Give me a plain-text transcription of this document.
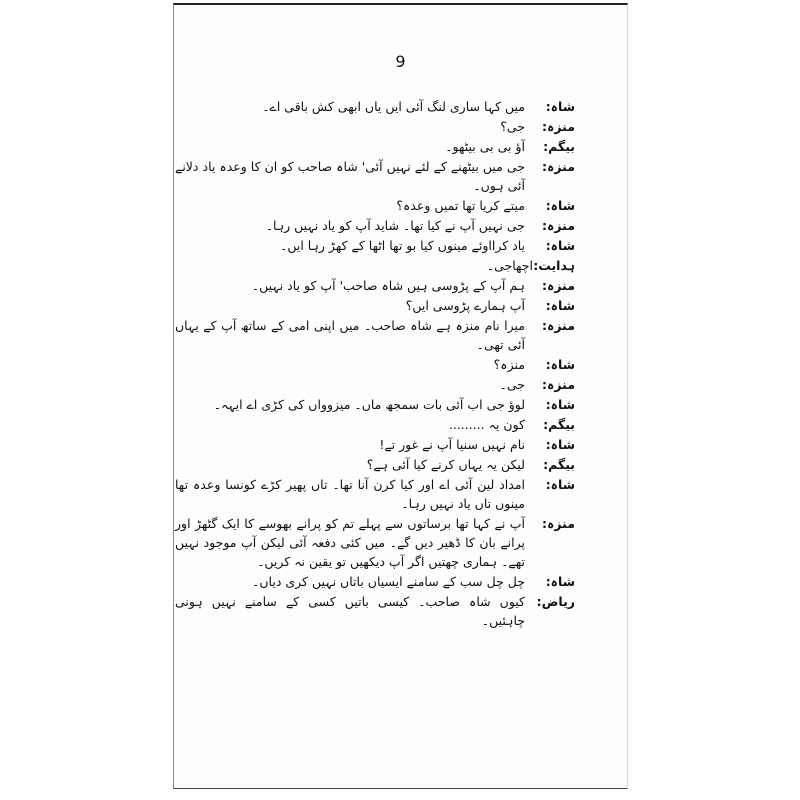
9
شاہ:
میں کہا ساری لنگ آئی ایں یاں ابھی کش باقی اے۔
منزہ:
جی؟
بیگم:
آؤ بی بی بیٹھو۔
منزہ:
جی میں بیٹھنے کے لئے نہیں آئی' شاہ صاحب کو ان کا وعدہ یاد دلانے آئی ہوں۔
شاہ:
میتے کریا تھا تمیں وعدہ؟
منزہ:
جی نہیں آپ نے کیا تھا۔ شاید آپ کو یاد نہیں رہا۔
شاہ:
یاد کرااوئے مینوں کیا بو تھا اٹھا کے کھڑ رہا ایں۔
ہدایت:
اچھاجی۔
منزہ:
ہم آپ کے پڑوسی ہیں شاہ صاحب' آپ کو یاد نہیں۔
شاہ:
آپ ہمارے پڑوسی ایں؟
منزہ:
میرا نام منزہ ہے شاہ صاحب۔ میں اپنی امی کے ساتھ آپ کے یہاں آئی تھی۔
شاہ:
منزہ؟
منزہ:
جی۔
شاہ:
لوؤ جی اب آئی بات سمجھ ماں۔ میزوواں کی کڑی اے ایہہ۔
بیگم:
کون یہ .........
شاہ:
نام نہیں سنیا آپ نے غور تے!
بیگم:
لیکن یہ یہاں کرنے کیا آئی ہے؟
شاہ:
امداد لین آئی اے اور کیا کرن آنا تھا۔ تاں پھیر کڑے کونسا وعدہ تھا مینوں تاں یاد نہیں رہا۔
منزہ:
آپ نے کہا تھا برساتوں سے پہلے تم کو پرانے بھوسے کا ایک گٹھڑ اور پرانے بان کا ڈھیر دیں گے۔ میں کئی دفعہ آئی لیکن آپ موجود نہیں تھے۔ ہماری چھتیں اگر آپ دیکھیں تو یقین نہ کریں۔
شاہ:
چل چل سب کے سامنے ایسیاں باتاں نہیں کری دیاں۔
ریاض:
کیوں شاہ صاحب۔ کیسی باتیں کسی کے سامنے نہیں ہونی چاہئیں۔
